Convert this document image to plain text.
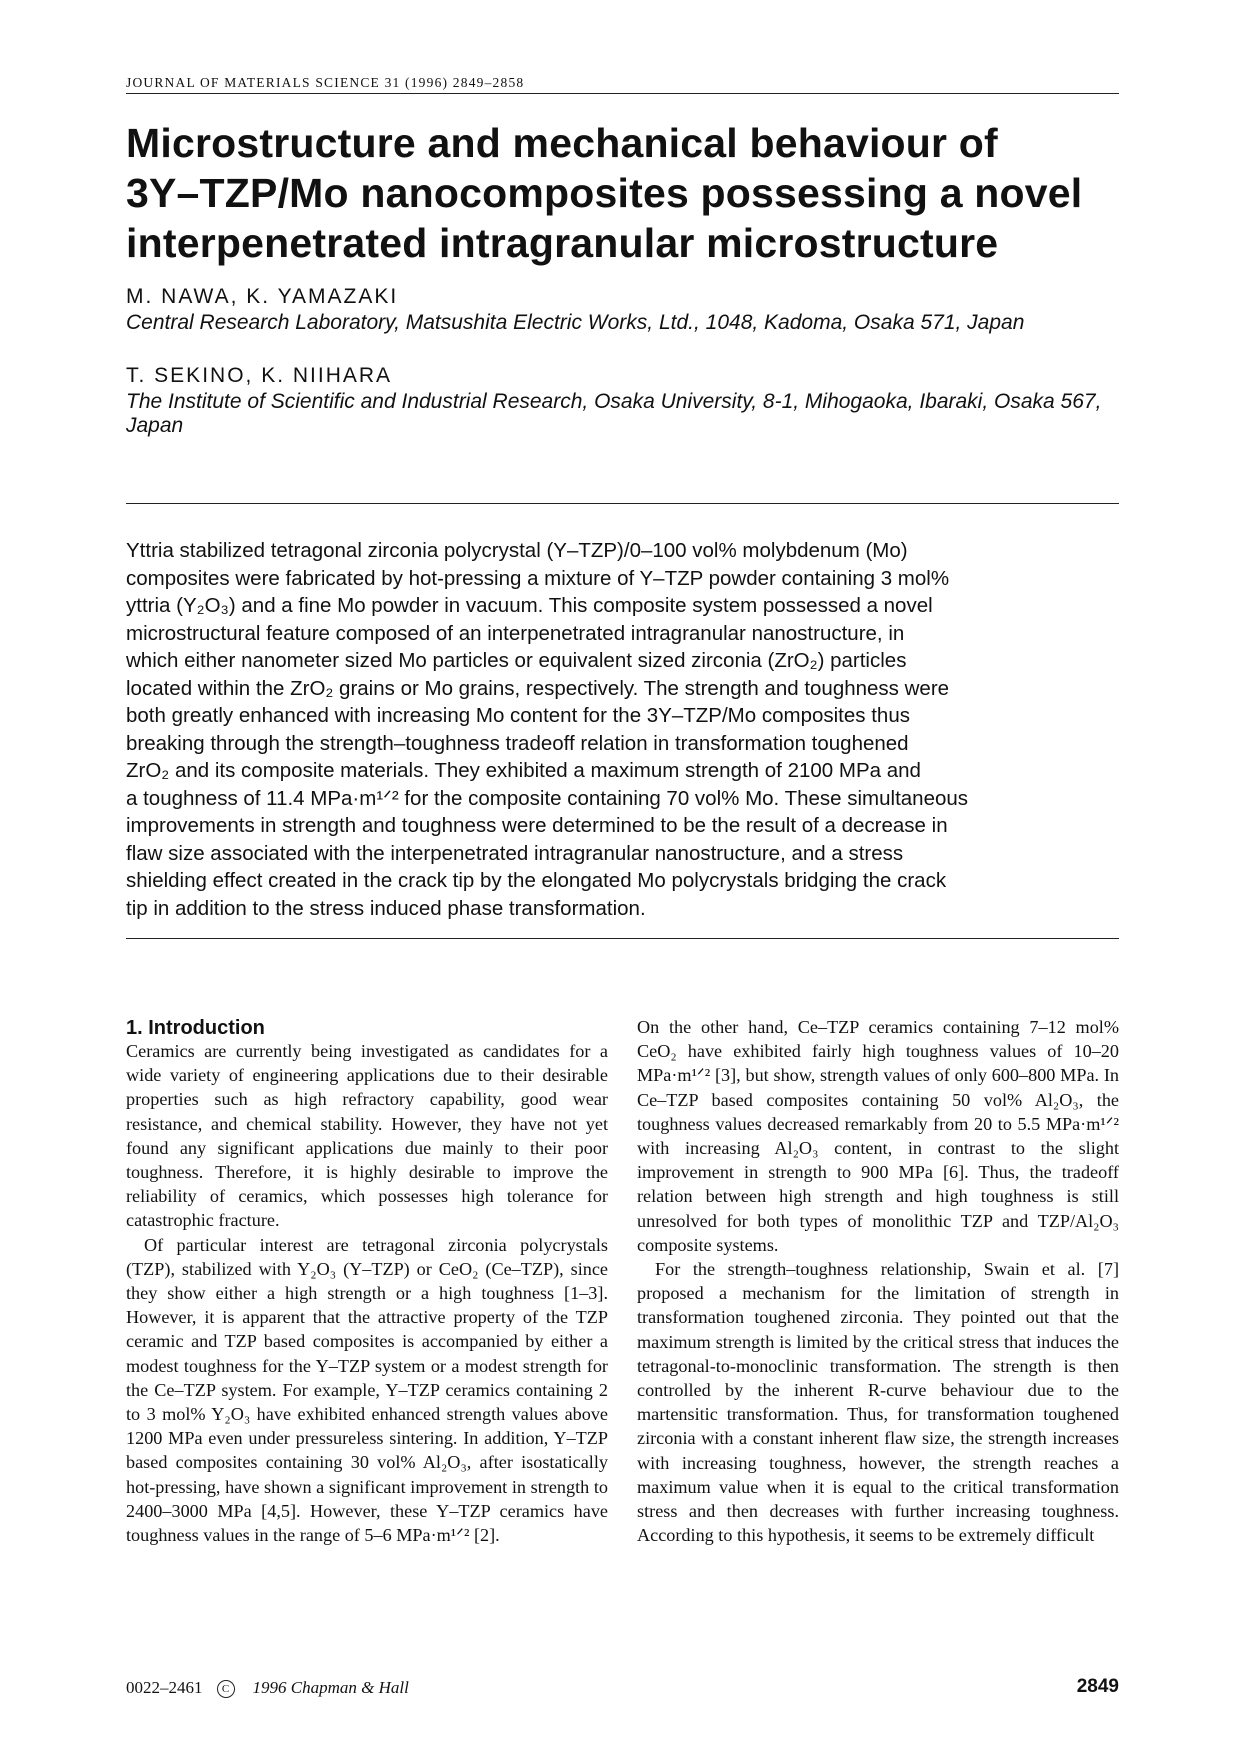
JOURNAL OF MATERIALS SCIENCE 31 (1996) 2849–2858
Microstructure and mechanical behaviour of
3Y–TZP/Mo nanocomposites possessing a novel
interpenetrated intragranular microstructure
M. NAWA, K. YAMAZAKI
Central Research Laboratory, Matsushita Electric Works, Ltd., 1048, Kadoma, Osaka 571, Japan
T. SEKINO, K. NIIHARA
The Institute of Scientific and Industrial Research, Osaka University, 8-1, Mihogaoka, Ibaraki, Osaka 567, Japan
Yttria stabilized tetragonal zirconia polycrystal (Y–TZP)/0–100 vol% molybdenum (Mo)
composites were fabricated by hot-pressing a mixture of Y–TZP powder containing 3 mol%
yttria (Y₂O₃) and a fine Mo powder in vacuum. This composite system possessed a novel
microstructural feature composed of an interpenetrated intragranular nanostructure, in
which either nanometer sized Mo particles or equivalent sized zirconia (ZrO₂) particles
located within the ZrO₂ grains or Mo grains, respectively. The strength and toughness were
both greatly enhanced with increasing Mo content for the 3Y–TZP/Mo composites thus
breaking through the strength–toughness tradeoff relation in transformation toughened
ZrO₂ and its composite materials. They exhibited a maximum strength of 2100 MPa and
a toughness of 11.4 MPa·m¹ᐟ² for the composite containing 70 vol% Mo. These simultaneous
improvements in strength and toughness were determined to be the result of a decrease in
flaw size associated with the interpenetrated intragranular nanostructure, and a stress
shielding effect created in the crack tip by the elongated Mo polycrystals bridging the crack
tip in addition to the stress induced phase transformation.
1. Introduction

Ceramics are currently being investigated as candidates for a wide variety of engineering applications due to their desirable properties such as high refractory capability, good wear resistance, and chemical stability. However, they have not yet found any significant applications due mainly to their poor toughness. Therefore, it is highly desirable to improve the reliability of ceramics, which possesses high tolerance for catastrophic fracture.

Of particular interest are tetragonal zirconia polycrystals (TZP), stabilized with Y₂O₃ (Y–TZP) or CeO₂ (Ce–TZP), since they show either a high strength or a high toughness [1–3]. However, it is apparent that the attractive property of the TZP ceramic and TZP based composites is accompanied by either a modest toughness for the Y–TZP system or a modest strength for the Ce–TZP system. For example, Y–TZP ceramics containing 2 to 3 mol% Y₂O₃ have exhibited enhanced strength values above 1200 MPa even under pressureless sintering. In addition, Y–TZP based composites containing 30 vol% Al₂O₃, after isostatically hot-pressing, have shown a significant improvement in strength to 2400–3000 MPa [4,5]. However, these Y–TZP ceramics have toughness values in the range of 5–6 MPa·m¹ᐟ² [2].

On the other hand, Ce–TZP ceramics containing 7–12 mol% CeO₂ have exhibited fairly high toughness values of 10–20 MPa·m¹ᐟ² [3], but show, strength values of only 600–800 MPa. In Ce–TZP based composites containing 50 vol% Al₂O₃, the toughness values decreased remarkably from 20 to 5.5 MPa·m¹ᐟ² with increasing Al₂O₃ content, in contrast to the slight improvement in strength to 900 MPa [6]. Thus, the tradeoff relation between high strength and high toughness is still unresolved for both types of monolithic TZP and TZP/Al₂O₃ composite systems.

For the strength–toughness relationship, Swain et al. [7] proposed a mechanism for the limitation of strength in transformation toughened zirconia. They pointed out that the maximum strength is limited by the critical stress that induces the tetragonal-to-monoclinic transformation. The strength is then controlled by the inherent R-curve behaviour due to the martensitic transformation. Thus, for transformation toughened zirconia with a constant inherent flaw size, the strength increases with increasing toughness, however, the strength reaches a maximum value when it is equal to the critical transformation stress and then decreases with further increasing toughness. According to this hypothesis, it seems to be extremely difficult

0022–2461 C 1996 Chapman & Hall	2849
